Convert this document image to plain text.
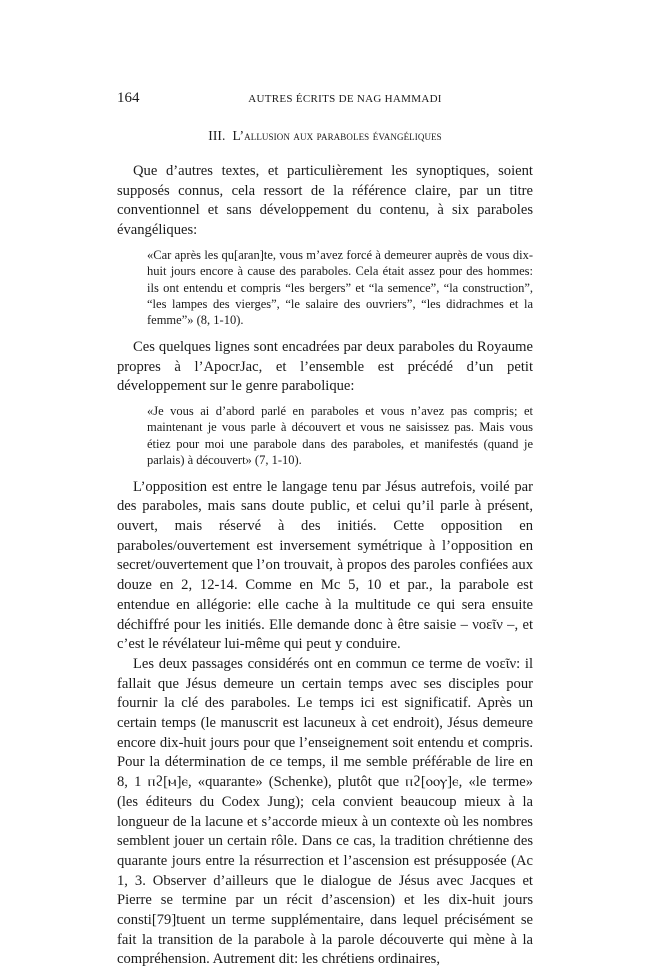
164	AUTRES ÉCRITS DE NAG HAMMADI
III. L’allusion aux paraboles évangéliques

Que d’autres textes, et particulièrement les synoptiques, soient supposés connus, cela ressort de la référence claire, par un titre conventionnel et sans développement du contenu, à six paraboles évangéliques:

«Car après les qu[aran]te, vous m’avez forcé à demeurer auprès de vous dix-huit jours encore à cause des paraboles. Cela était assez pour des hommes: ils ont entendu et compris “les bergers” et “la semence”, “la construction”, “les lampes des vierges”, “le salaire des ouvriers”, “les didrachmes et la femme”» (8, 1-10).

Ces quelques lignes sont encadrées par deux paraboles du Royaume propres à l’ApocrJac, et l’ensemble est précédé d’un petit développement sur le genre parabolique:

«Je vous ai d’abord parlé en paraboles et vous n’avez pas compris; et maintenant je vous parle à découvert et vous ne saisissez pas. Mais vous étiez pour moi une parabole dans des paraboles, et manifestés (quand je parlais) à découvert» (7, 1-10).

L’opposition est entre le langage tenu par Jésus autrefois, voilé par des paraboles, mais sans doute public, et celui qu’il parle à présent, ouvert, mais réservé à des initiés. Cette opposition en paraboles/ouvertement est inversement symétrique à l’opposition en secret/ouvertement que l’on trouvait, à propos des paroles confiées aux douze en 2, 12-14. Comme en Mc 5, 10 et par., la parabole est entendue en allégorie: elle cache à la multitude ce qui sera ensuite déchiffré pour les initiés. Elle demande donc à être saisie – νοεῖν –, et c’est le révélateur lui-même qui peut y conduire.

Les deux passages considérés ont en commun ce terme de νοεῖν: il fallait que Jésus demeure un certain temps avec ses disciples pour fournir la clé des paraboles. Le temps ici est significatif. Après un certain temps (le manuscrit est lacuneux à cet endroit), Jésus demeure encore dix-huit jours pour que l’enseignement soit entendu et compris. Pour la détermination de ce temps, il me semble préférable de lire en 8, 1 ⲡϩ[ⲙ]ⲉ, «quarante» (Schenke), plutôt que ⲡϩ[ⲟⲟⲩ]ⲉ, «le terme» (les éditeurs du Codex Jung); cela convient beaucoup mieux à la longueur de la lacune et s’accorde mieux à un contexte où les nombres semblent jouer un certain rôle. Dans ce cas, la tradition chrétienne des quarante jours entre la résurrection et l’ascension est présupposée (Ac 1, 3. Observer d’ailleurs que le dialogue de Jésus avec Jacques et Pierre se termine par un récit d’ascension) et les dix-huit jours consti[79]tuent un terme supplémentaire, dans lequel précisément se fait la transition de la parabole à la parole découverte qui mène à la compréhension. Autrement dit: les chrétiens ordinaires,
